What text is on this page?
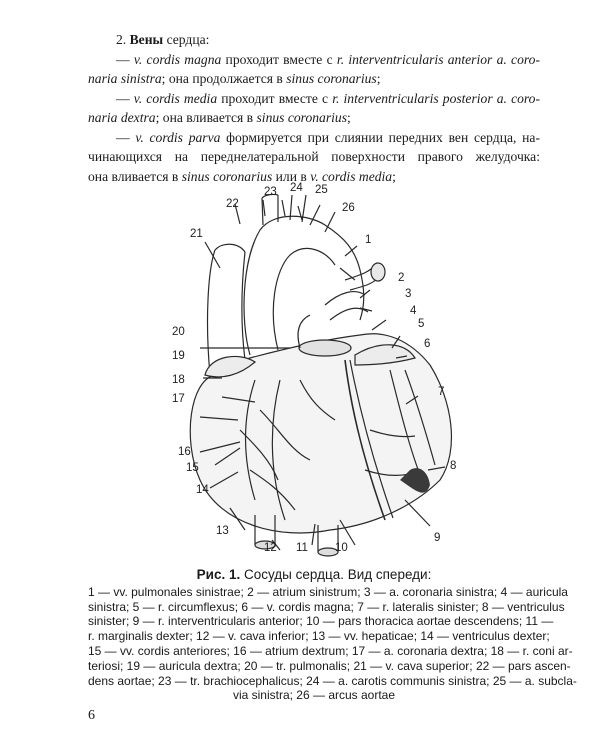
2. Вены сердца:

— v. cordis magna проходит вместе с r. interventricularis anterior a. coro-

naria sinistra; она продолжается в sinus coronarius;

— v. cordis media проходит вместе с r. interventricularis posterior a. coro-

naria dextra; она вливается в sinus coronarius;

— v. cordis parva формируется при слиянии передних вен сердца, на-

чинающихся на переднелатеральной поверхности правого желудочка:

она вливается в sinus coronarius или в v. cordis media;

23 24 25
22	26
21	1
2
3
4
5
6
7
8
9
20
19
18
17
16
15
14
13
12 11 10
Рис. 1. Сосуды сердца. Вид спереди:
1 — vv. pulmonales sinistrae; 2 — atrium sinistrum; 3 — a. coronaria sinistra; 4 — auricula
sinistra; 5 — r. circumflexus; 6 — v. cordis magna; 7 — r. lateralis sinister; 8 — ventriculus
sinister; 9 — r. interventricularis anterior; 10 — pars thoracica aortae descendens; 11 —
r. marginalis dexter; 12 — v. cava inferior; 13 — vv. hepaticae; 14 — ventriculus dexter;
15 — vv. cordis anteriores; 16 — atrium dextrum; 17 — a. coronaria dextra; 18 — r. coni ar-
teriosi; 19 — auricula dextra; 20 — tr. pulmonalis; 21 — v. cava superior; 22 — pars ascen-
dens aortae; 23 — tr. brachiocephalicus; 24 — a. carotis communis sinistra; 25 — a. subcla-
via sinistra; 26 — arcus aortae
6
